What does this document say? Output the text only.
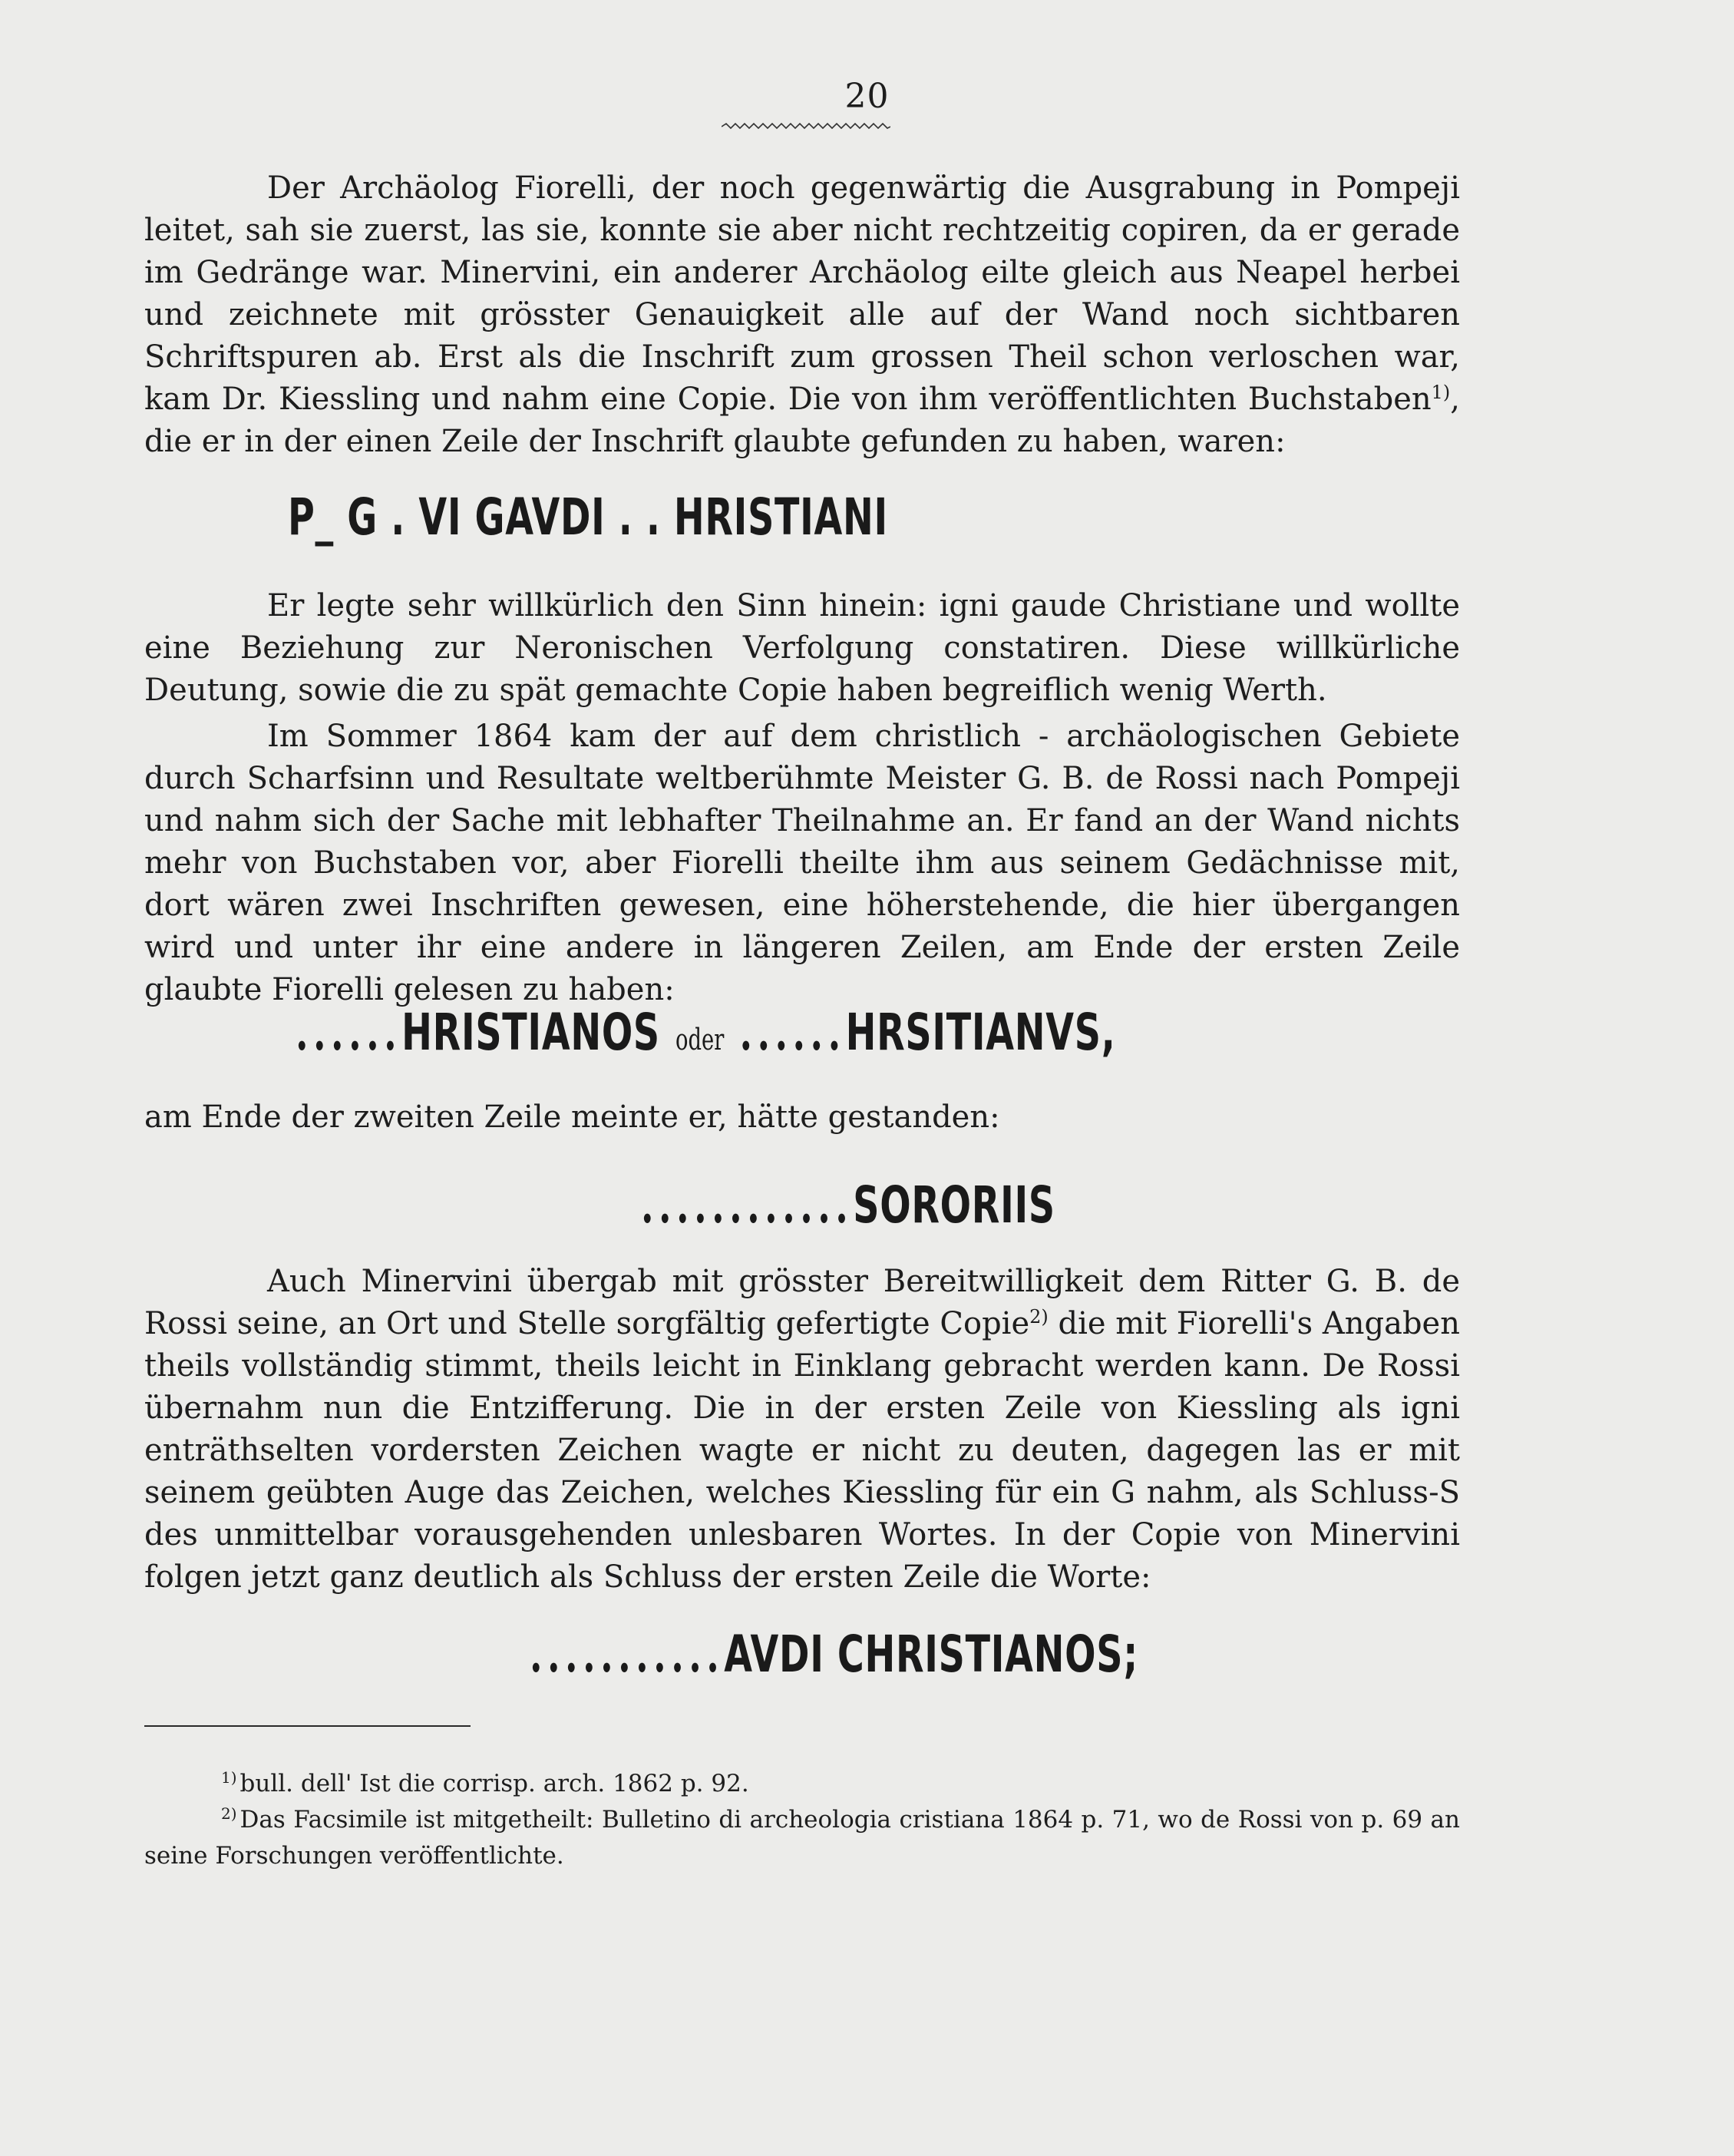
20

Der Archäolog Fiorelli, der noch gegenwärtig die Ausgrabung in Pompeji leitet, sah sie zuerst, las sie, konnte sie aber nicht rechtzeitig copiren, da er gerade im Gedränge war. Minervini, ein anderer Archäolog eilte gleich aus Neapel herbei und zeichnete mit grösster Genauigkeit alle auf der Wand noch sichtbaren Schriftspuren ab. Erst als die Inschrift zum grossen Theil schon verloschen war, kam Dr. Kiessling und nahm eine Copie. Die von ihm veröffentlichten Buchstaben$^{1)}$, die er in der einen Zeile der Inschrift glaubte gefunden zu haben, waren:

P_ G . VI GAVDI . . HRISTIANI

Er legte sehr willkürlich den Sinn hinein: igni gaude Christiane und wollte eine Beziehung zur Neronischen Verfolgung constatiren. Diese willkürliche Deutung, sowie die zu spät gemachte Copie haben begreiflich wenig Werth.

Im Sommer 1864 kam der auf dem christlich - archäologischen Gebiete durch Scharfsinn und Resultate weltberühmte Meister G. B. de Rossi nach Pompeji und nahm sich der Sache mit lebhafter Theilnahme an. Er fand an der Wand nichts mehr von Buchstaben vor, aber Fiorelli theilte ihm aus seinem Gedächnisse mit, dort wären zwei Inschriften gewesen, eine höherstehende, die hier übergangen wird und unter ihr eine andere in längeren Zeilen, am Ende der ersten Zeile glaubte Fiorelli gelesen zu haben:

......HRISTIANOS oder ......HRSITIANVS,

am Ende der zweiten Zeile meinte er, hätte gestanden:

............SORORIIS

Auch Minervini übergab mit grösster Bereitwilligkeit dem Ritter G. B. de Rossi seine, an Ort und Stelle sorgfältig gefertigte Copie$^{2)}$ die mit Fiorelli's Angaben theils vollständig stimmt, theils leicht in Einklang gebracht werden kann. De Rossi übernahm nun die Entzifferung. Die in der ersten Zeile von Kiessling als igni enträthselten vordersten Zeichen wagte er nicht zu deuten, dagegen las er mit seinem geübten Auge das Zeichen, welches Kiessling für ein G nahm, als Schluss-S des unmittelbar vorausgehenden unlesbaren Wortes. In der Copie von Minervini folgen jetzt ganz deutlich als Schluss der ersten Zeile die Worte:

...........AVDI CHRISTIANOS;

$^{1)}$ bull. dell' Ist die corrisp. arch. 1862 p. 92.

$^{2)}$ Das Facsimile ist mitgetheilt: Bulletino di archeologia cristiana 1864 p. 71, wo de Rossi von p. 69 an seine Forschungen veröffentlichte.
